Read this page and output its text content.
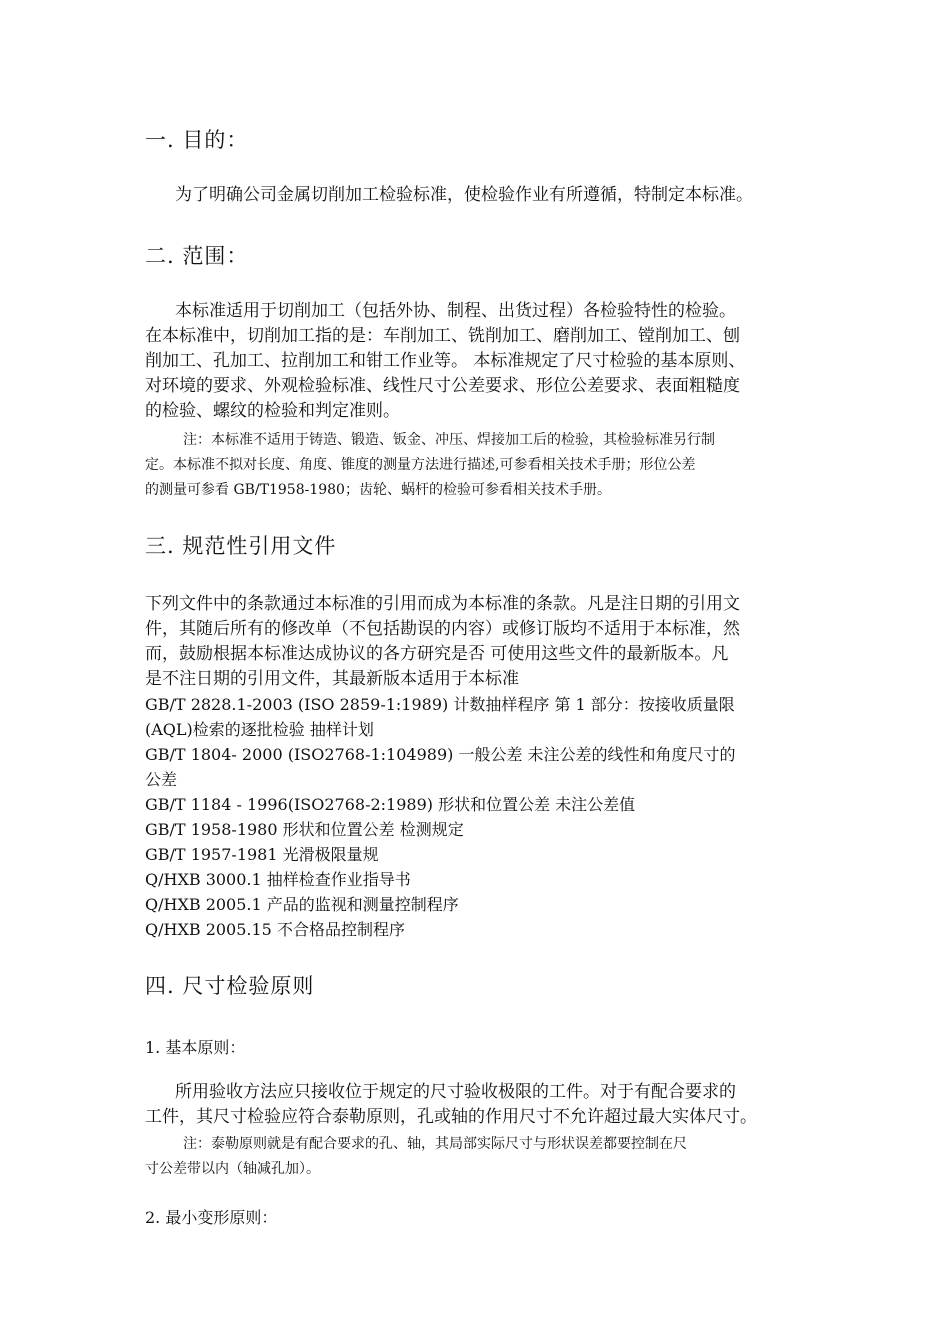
一. 目的：
为了明确公司金属切削加工检验标准，使检验作业有所遵循，特制定本标准。
二. 范围：
本标准适用于切削加工（包括外协、制程、出货过程）各检验特性的检验。
在本标准中，切削加工指的是：车削加工、铣削加工、磨削加工、镗削加工、刨
削加工、孔加工、拉削加工和钳工作业等。 本标准规定了尺寸检验的基本原则、
对环境的要求、外观检验标准、线性尺寸公差要求、形位公差要求、表面粗糙度
的检验、螺纹的检验和判定准则。
注：本标准不适用于铸造、锻造、钣金、冲压、焊接加工后的检验，其检验标准另行制
定。本标准不拟对长度、角度、锥度的测量方法进行描述,可参看相关技术手册；形位公差
的测量可参看 GB/T1958-1980；齿轮、蜗杆的检验可参看相关技术手册。
三. 规范性引用文件
下列文件中的条款通过本标准的引用而成为本标准的条款。凡是注日期的引用文
件，其随后所有的修改单（不包括勘误的内容）或修订版均不适用于本标准，然
而，鼓励根据本标准达成协议的各方研究是否 可使用这些文件的最新版本。凡
是不注日期的引用文件，其最新版本适用于本标准
GB/T 2828.1-2003 (ISO 2859-1:1989) 计数抽样程序 第 1 部分：按接收质量限
(AQL)检索的逐批检验 抽样计划
GB/T 1804- 2000 (ISO2768-1:104989) 一般公差 未注公差的线性和角度尺寸的
公差
GB/T 1184 - 1996(ISO2768-2:1989) 形状和位置公差 未注公差值
GB/T 1958-1980 形状和位置公差 检测规定
GB/T 1957-1981 光滑极限量规
Q/HXB 3000.1 抽样检查作业指导书
Q/HXB 2005.1 产品的监视和测量控制程序
Q/HXB 2005.15 不合格品控制程序
四. 尺寸检验原则
1. 基本原则：
所用验收方法应只接收位于规定的尺寸验收极限的工件。对于有配合要求的
工件，其尺寸检验应符合泰勒原则，孔或轴的作用尺寸不允许超过最大实体尺寸。
注：泰勒原则就是有配合要求的孔、轴，其局部实际尺寸与形状误差都要控制在尺
寸公差带以内（轴减孔加）。
2. 最小变形原则：
